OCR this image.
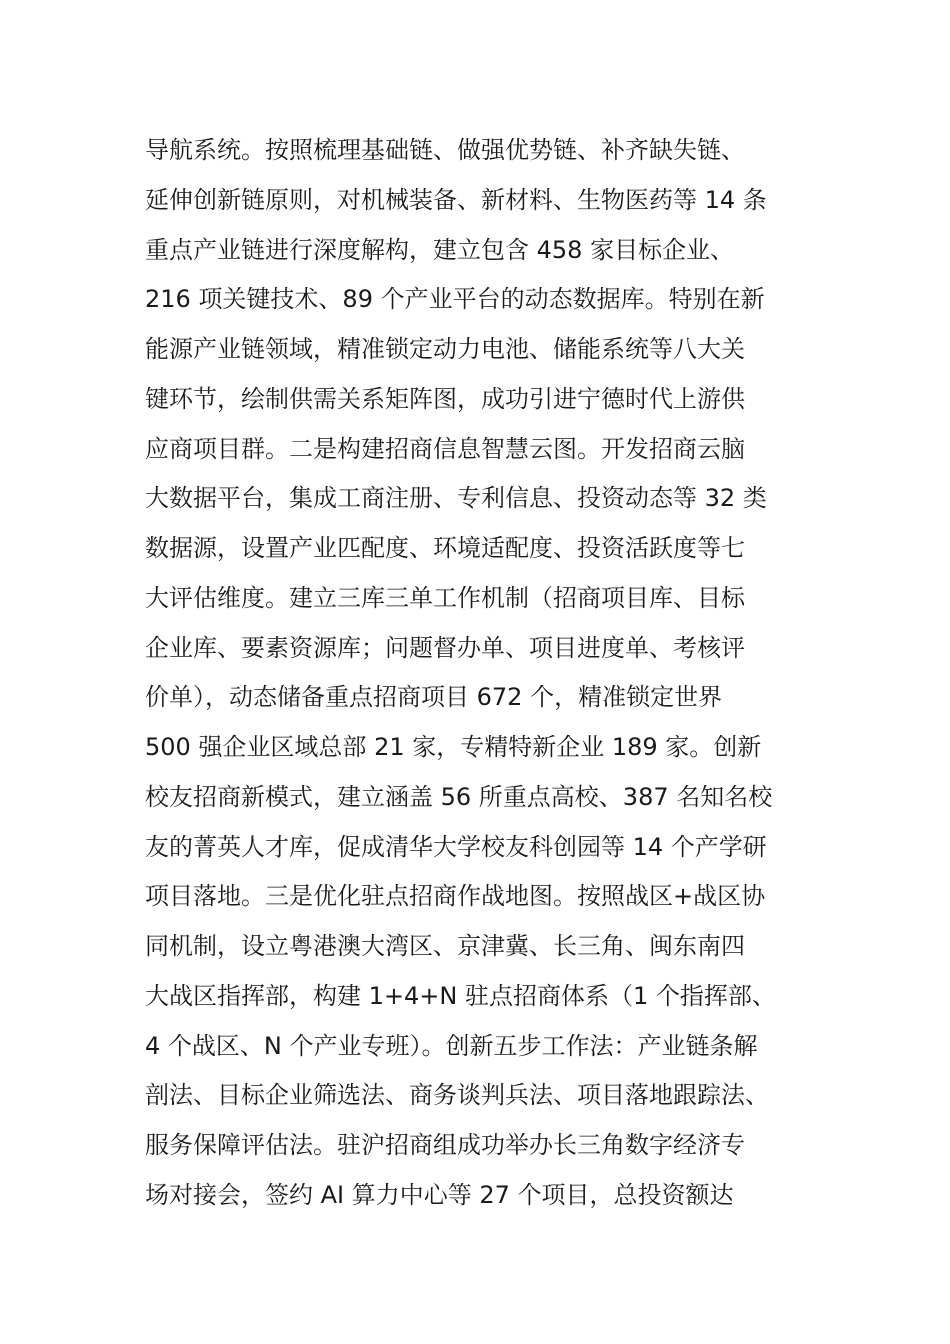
导航系统。按照梳理基础链、做强优势链、补齐缺失链、
延伸创新链原则，对机械装备、新材料、生物医药等 14 条
重点产业链进行深度解构，建立包含 458 家目标企业、
216 项关键技术、89 个产业平台的动态数据库。特别在新
能源产业链领域，精准锁定动力电池、储能系统等八大关
键环节，绘制供需关系矩阵图，成功引进宁德时代上游供
应商项目群。二是构建招商信息智慧云图。开发招商云脑
大数据平台，集成工商注册、专利信息、投资动态等 32 类
数据源，设置产业匹配度、环境适配度、投资活跃度等七
大评估维度。建立三库三单工作机制（招商项目库、目标
企业库、要素资源库；问题督办单、项目进度单、考核评
价单），动态储备重点招商项目 672 个，精准锁定世界
500 强企业区域总部 21 家，专精特新企业 189 家。创新
校友招商新模式，建立涵盖 56 所重点高校、387 名知名校
友的菁英人才库，促成清华大学校友科创园等 14 个产学研
项目落地。三是优化驻点招商作战地图。按照战区+战区协
同机制，设立粤港澳大湾区、京津冀、长三角、闽东南四
大战区指挥部，构建 1+4+N 驻点招商体系（1 个指挥部、
4 个战区、N 个产业专班）。创新五步工作法：产业链条解
剖法、目标企业筛选法、商务谈判兵法、项目落地跟踪法、
服务保障评估法。驻沪招商组成功举办长三角数字经济专
场对接会，签约 AI 算力中心等 27 个项目，总投资额达
